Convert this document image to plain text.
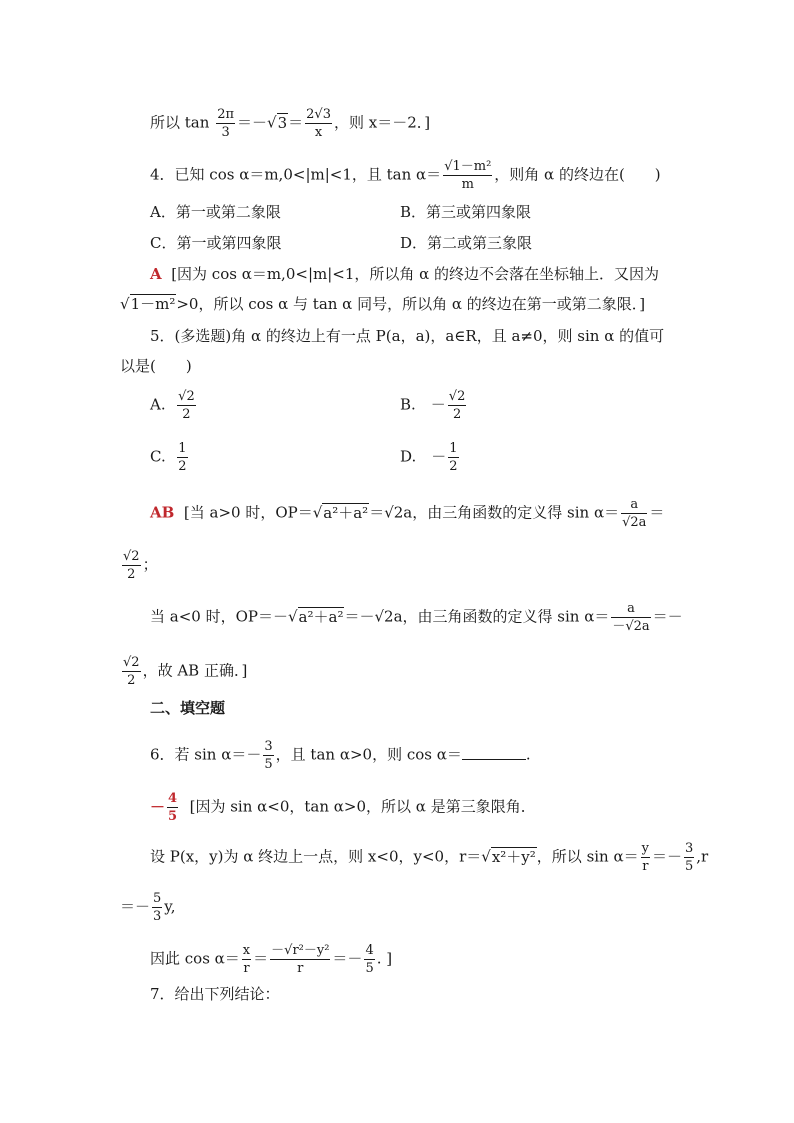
所以 $\tan \frac{2\pi}{3} =-√3= \frac{2√3}{x}$ ，则 x＝－2．]
4．已知 cos α＝m,0<|m|<1，且 $\tan \alpha= \frac{\text{√1－m²}}{m}$ ，则角 α 的终边在(　　)
A．第一或第二象限	B．第三或第四象限
C．第一或第四象限	D．第二或第三象限
A [因为 cos α＝m,0<|m|<1，所以角 α 的终边不会落在坐标轴上．又因为
√1－m²>0，所以 cos α 与 tan α 同号，所以角 α 的终边在第一或第二象限．]
5．(多选题)角 α 的终边上有一点 P(a，a)，a∈R，且 a≠0，则 sin α 的值可
以是(　　)
A. $\frac{√2}{2}$	B.　－ $\frac{√2}{2}$
C. $\frac{1}{2}$	D.　－ $\frac{1}{2}$
AB [当 a>0 时，OP＝√a²＋a²＝√2a，由三角函数的定义得 $\sin \alpha= \frac{a}{√2a}$ ＝
$\frac{√2}{2}$ ；
当 a<0 时，OP＝－√a²＋a²＝－√2a，由三角函数的定义得 $\sin \alpha= \frac{a}{-√2a}$ ＝－
$\frac{√2}{2}$ ，故 AB 正确．]
二、填空题
6．若 $\sin \alpha=- \frac{3}{5}$ ，且 tan α>0，则 cos α＝	.
－ $\frac{4}{5}$ [因为 sin α<0，tan α>0，所以 α 是第三象限角．
设 P(x，y)为 α 终边上一点，则 x<0，y<0，r＝√x²＋y²，所以 $\sin \alpha= \frac{y}{r} =- \frac{3}{5} ,r$
＝－ $\frac{5}{3} y$,
因此 $\cos \alpha= \frac{x}{r} = \frac{\text{－√r²－y²}}{r} =- \frac{4}{5}$ . ]
7．给出下列结论：
